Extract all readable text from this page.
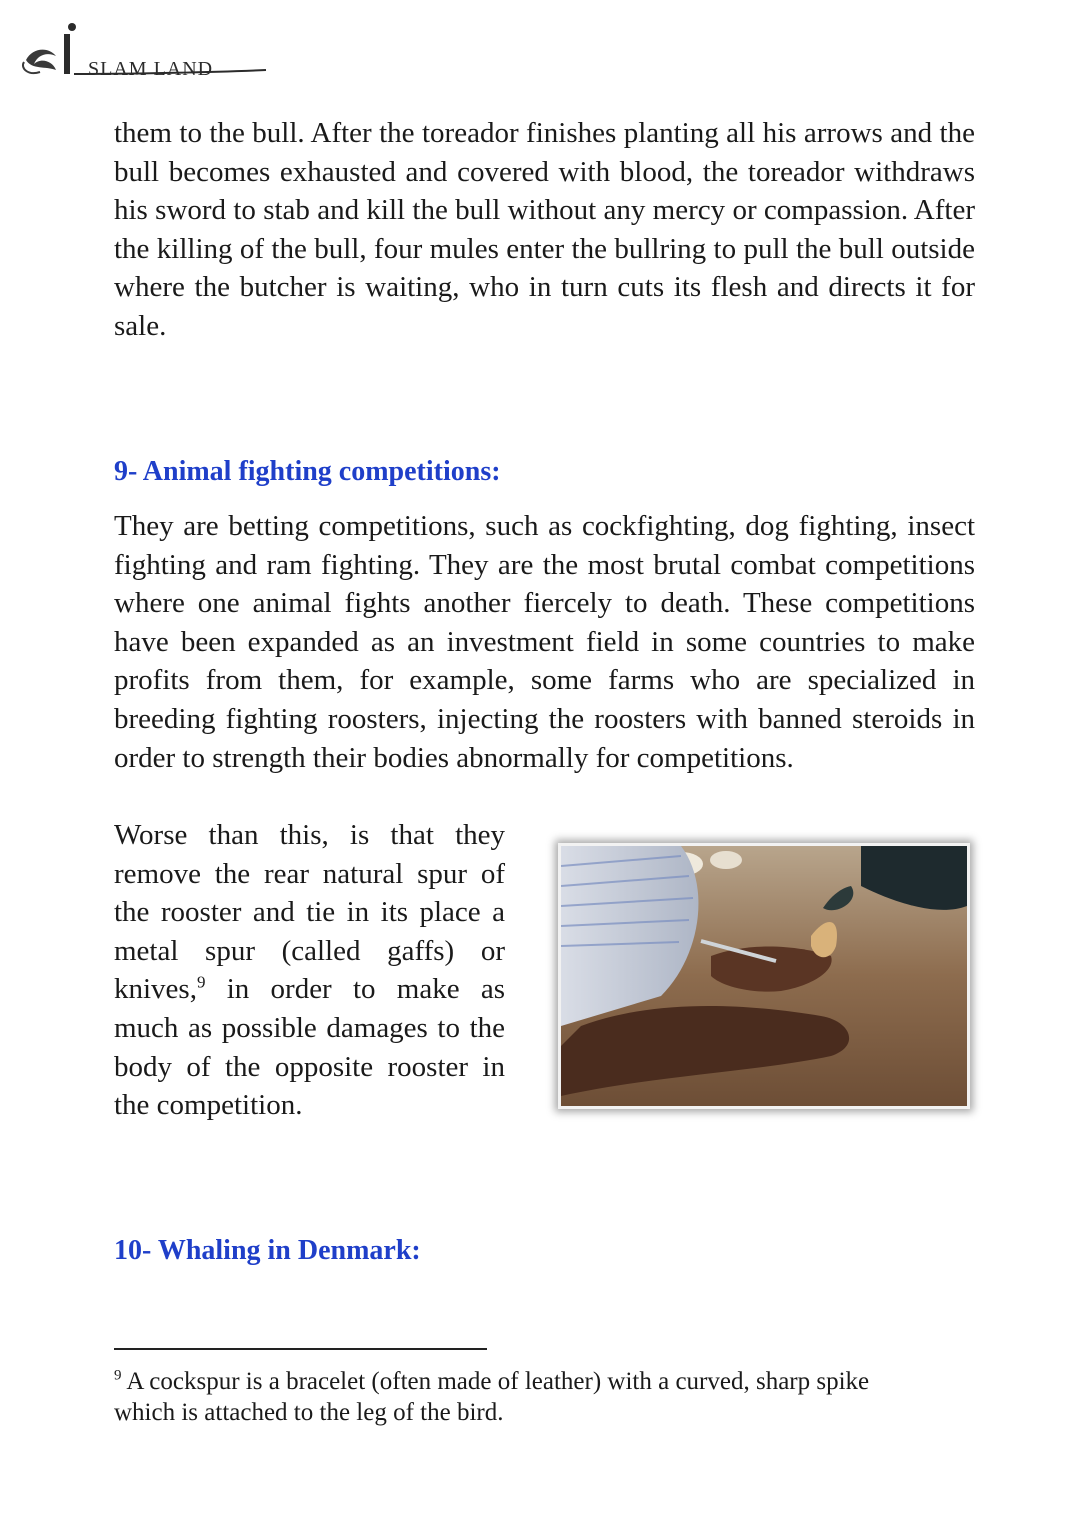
SLAM LAND

them to the bull. After the toreador finishes planting all his arrows and the bull becomes exhausted and covered with blood, the toreador withdraws his sword to stab and kill the bull without any mercy or compassion. After the killing of the bull, four mules enter the bullring to pull the bull outside where the butcher is waiting, who in turn cuts its flesh and directs it for sale.

9- Animal fighting competitions:

They are betting competitions, such as cockfighting, dog fighting, insect fighting and ram fighting. They are the most brutal combat competitions where one animal fights another fiercely to death. These competitions have been expanded as an investment field in some countries to make profits from them, for example, some farms who are specialized in breeding fighting roosters, injecting the roosters with banned steroids in order to strength their bodies abnormally for competitions.

Worse than this, is that they remove the rear natural spur of the rooster and tie in its place a metal spur (called gaffs) or knives,$^9$ in order to make as much as possible damages to the body of the opposite rooster in the competition.

10- Whaling in Denmark:

$^9$ A cockspur is a bracelet (often made of leather) with a curved, sharp spike which is attached to the leg of the bird.
